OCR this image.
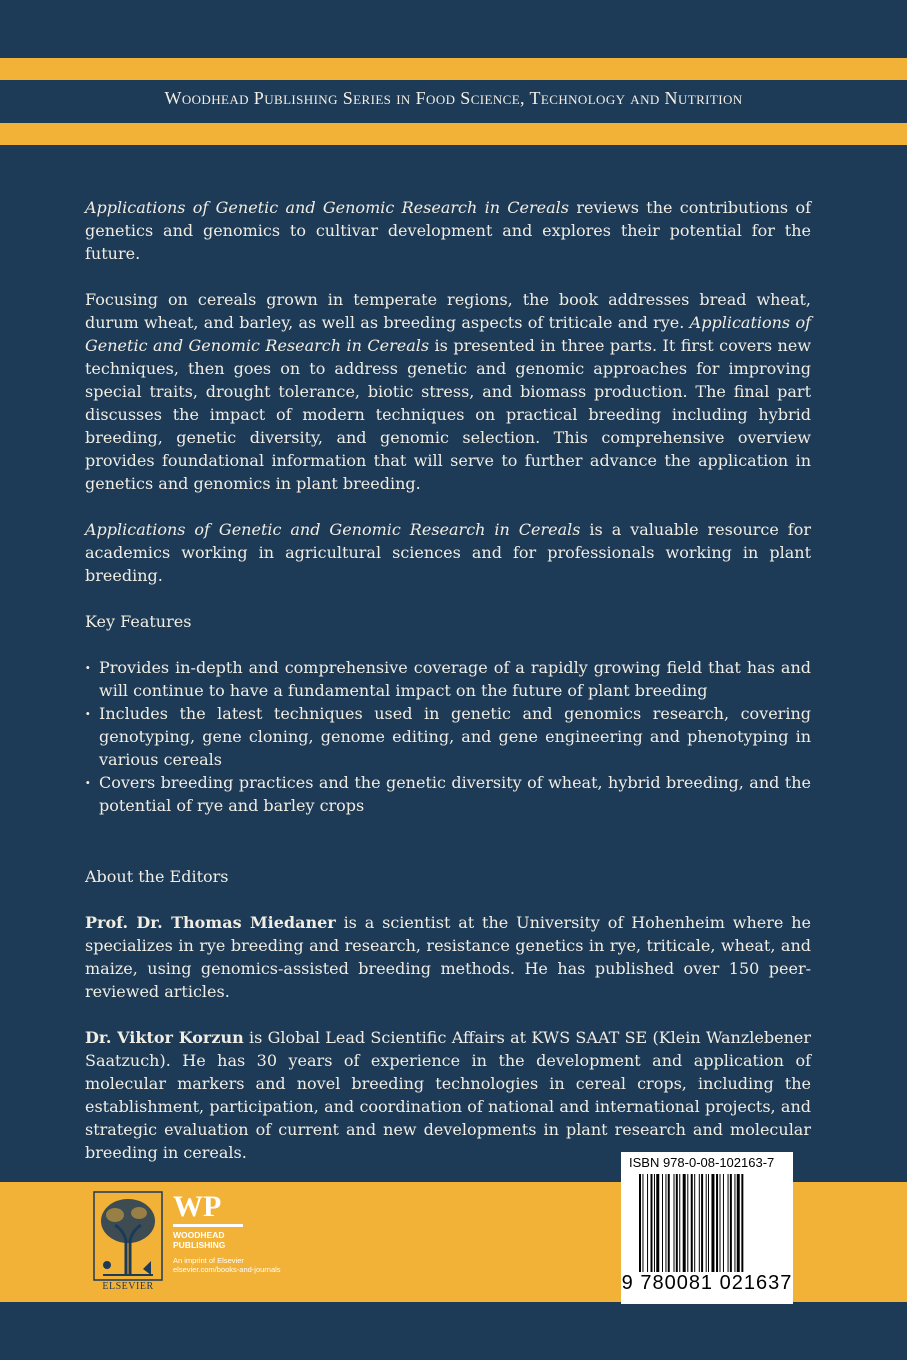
Woodhead Publishing Series in Food Science, Technology and Nutrition

Applications of Genetic and Genomic Research in Cereals reviews the contributions of genetics and genomics to cultivar development and explores their potential for the future.

Focusing on cereals grown in temperate regions, the book addresses bread wheat, durum wheat, and barley, as well as breeding aspects of triticale and rye. Applications of Genetic and Genomic Research in Cereals is presented in three parts. It first covers new techniques, then goes on to address genetic and genomic approaches for improving special traits, drought tolerance, biotic stress, and biomass production. The final part discusses the impact of modern techniques on practical breeding including hybrid breeding, genetic diversity, and genomic selection. This comprehensive overview provides foundational information that will serve to further advance the application in genetics and genomics in plant breeding.

Applications of Genetic and Genomic Research in Cereals is a valuable resource for academics working in agricultural sciences and for professionals working in plant breeding.

Key Features

· Provides in-depth and comprehensive coverage of a rapidly growing field that has and will continue to have a fundamental impact on the future of plant breeding
· Includes the latest techniques used in genetic and genomics research, covering genotyping, gene cloning, genome editing, and gene engineering and phenotyping in various cereals
· Covers breeding practices and the genetic diversity of wheat, hybrid breeding, and the potential of rye and barley crops

About the Editors

Prof. Dr. Thomas Miedaner is a scientist at the University of Hohenheim where he specializes in rye breeding and research, resistance genetics in rye, triticale, wheat, and maize, using genomics-assisted breeding methods. He has published over 150 peer-reviewed articles.

Dr. Viktor Korzun is Global Lead Scientific Affairs at KWS SAAT SE (Klein Wanzlebener Saatzuch). He has 30 years of experience in the development and application of molecular markers and novel breeding technologies in cereal crops, including the establishment, participation, and coordination of national and international projects, and strategic evaluation of current and new developments in plant research and molecular breeding in cereals.

ELSEVIER
WP
WOODHEAD
PUBLISHING
An imprint of Elsevier
elsevier.com/books-and-journals
ISBN 978-0-08-102163-7
9 780081 021637
